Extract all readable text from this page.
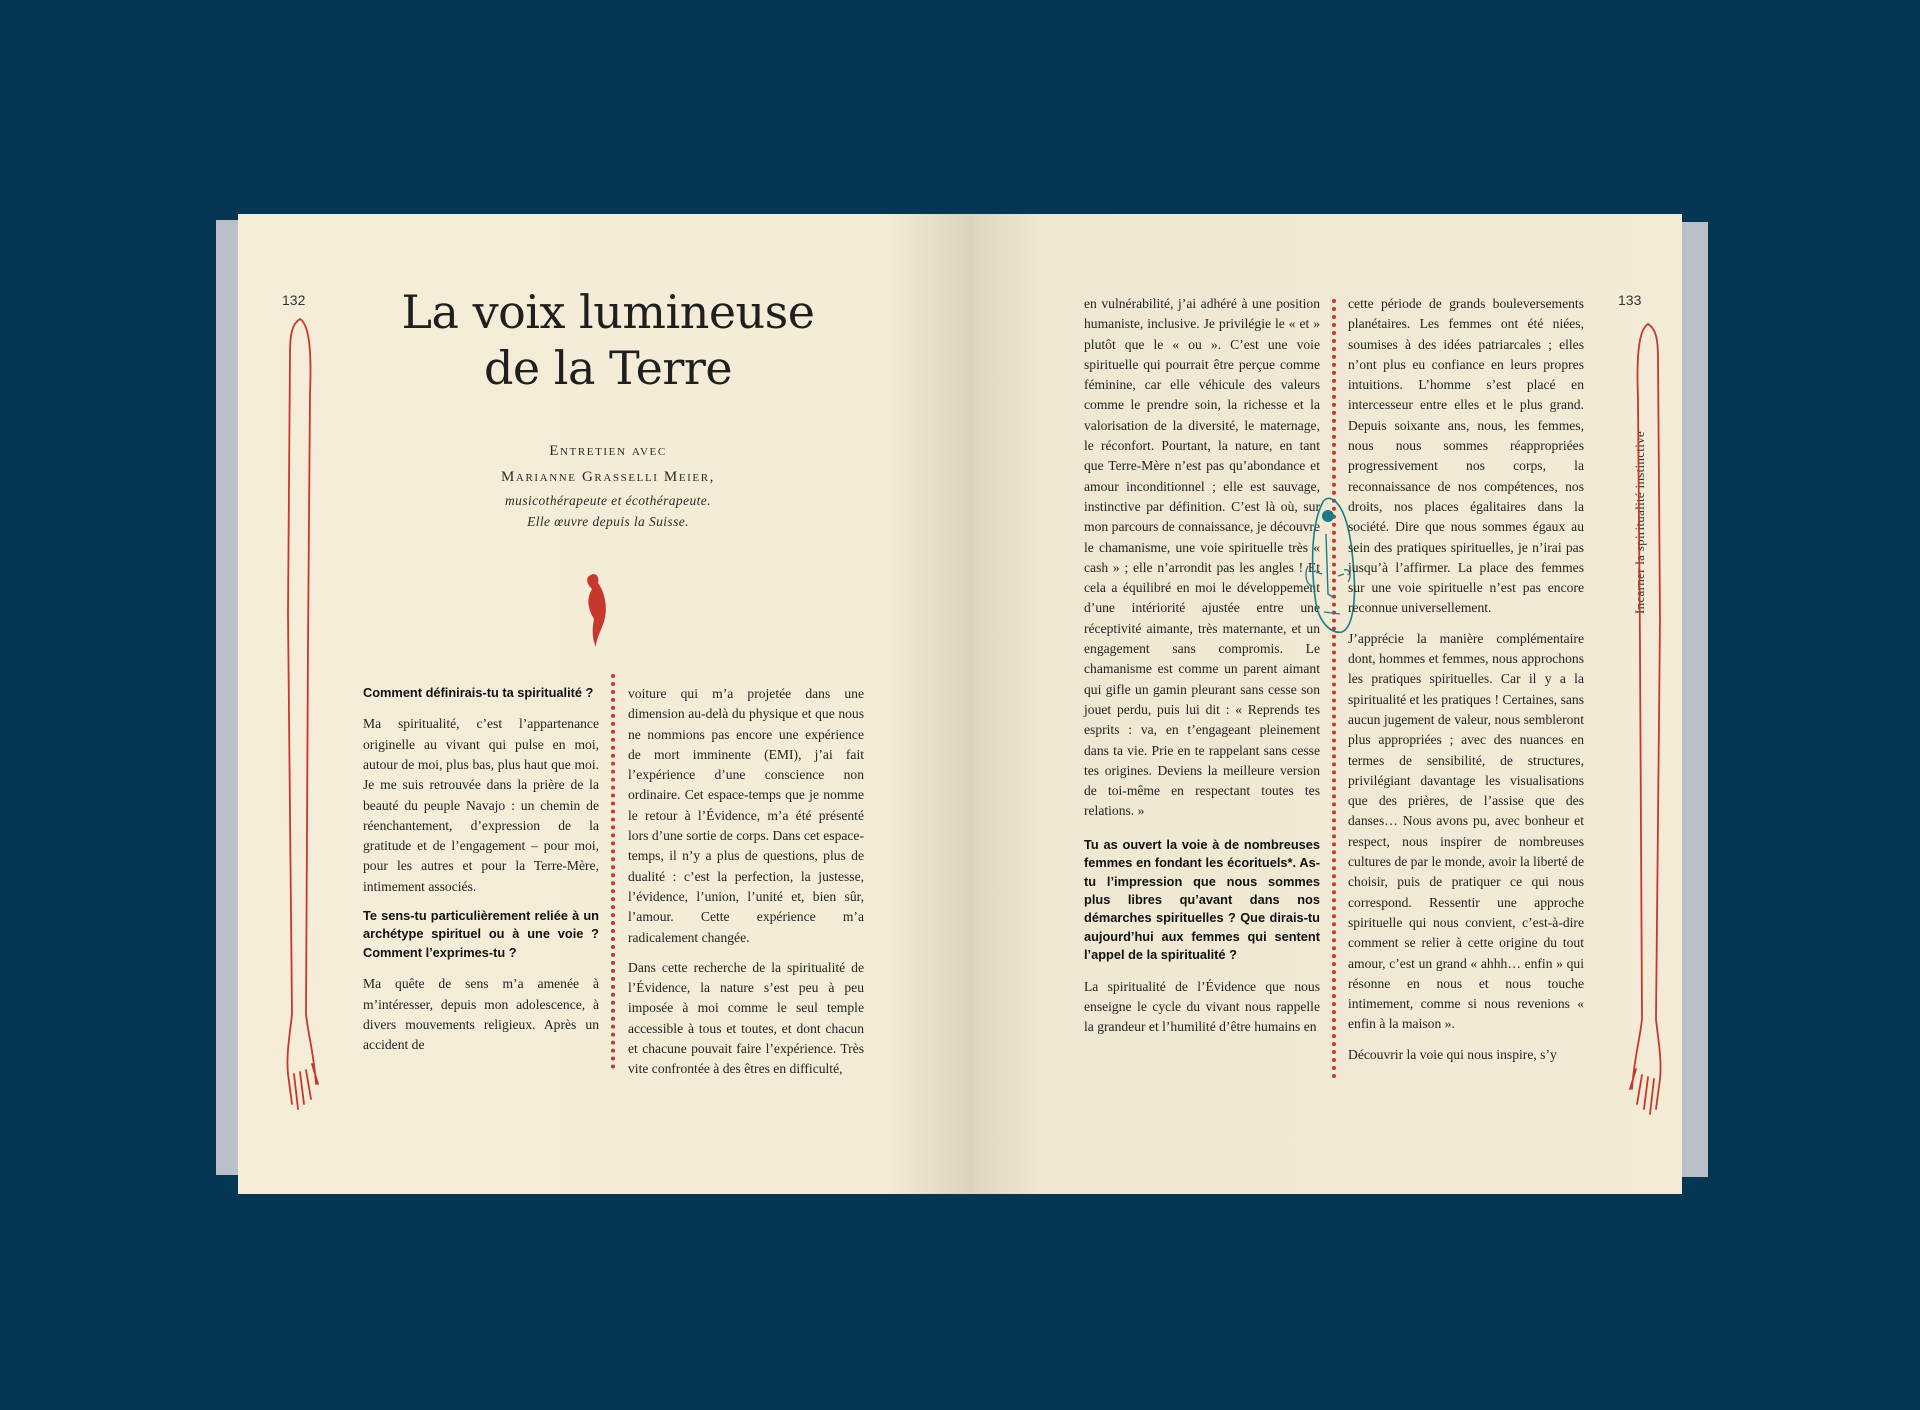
132	La voix lumineuse
de la Terre
Entretien avec
Marianne Grasselli Meier,
musicothérapeute et écothérapeute.
Elle œuvre depuis la Suisse.
Comment définirais-tu ta spiritualité ?

Ma spiritualité, c’est l’appartenance originelle au vivant qui pulse en moi, autour de moi, plus bas, plus haut que moi. Je me suis retrouvée dans la prière de la beauté du peuple Navajo : un chemin de réenchantement, d’expression de la gratitude et de l’engagement – pour moi, pour les autres et pour la Terre-Mère, intimement associés.

Te sens-tu particulièrement reliée à un archétype spirituel ou à une voie ? Comment l’exprimes-tu ?

Ma quête de sens m’a amenée à m’intéresser, depuis mon adolescence, à divers mouvements religieux. Après un accident de

voiture qui m’a projetée dans une dimension au-delà du physique et que nous ne nommions pas encore une expérience de mort imminente (EMI), j’ai fait l’expérience d’une conscience non ordinaire. Cet espace-temps que je nomme le retour à l’Évidence, m’a été présenté lors d’une sortie de corps. Dans cet espace-temps, il n’y a plus de questions, plus de dualité : c’est la perfection, la justesse, l’évidence, l’union, l’unité et, bien sûr, l’amour. Cette expérience m’a radicalement changée.

Dans cette recherche de la spiritualité de l’Évidence, la nature s’est peu à peu imposée à moi comme le seul temple accessible à tous et toutes, et dont chacun et chacune pouvait faire l’expérience. Très vite confrontée à des êtres en difficulté,

133

en vulnérabilité, j’ai adhéré à une position humaniste, inclusive. Je privilégie le « et » plutôt que le « ou ». C’est une voie spirituelle qui pourrait être perçue comme féminine, car elle véhicule des valeurs comme le prendre soin, la richesse et la valorisation de la diversité, le maternage, le réconfort. Pourtant, la nature, en tant que Terre-Mère n’est pas qu’abondance et amour inconditionnel ; elle est sauvage, instinctive par définition. C’est là où, sur mon parcours de connaissance, je découvre le chamanisme, une voie spirituelle très « cash » ; elle n’arrondit pas les angles ! Et cela a équilibré en moi le développement d’une intériorité ajustée entre une réceptivité aimante, très maternante, et un engagement sans compromis. Le chamanisme est comme un parent aimant qui gifle un gamin pleurant sans cesse son jouet perdu, puis lui dit : « Reprends tes esprits : va, en t’engageant pleinement dans ta vie. Prie en te rappelant sans cesse tes origines. Deviens la meilleure version de toi-même en respectant toutes tes relations. »

Tu as ouvert la voie à de nombreuses femmes en fondant les écorituels*. As-tu l’impression que nous sommes plus libres qu’avant dans nos démarches spirituelles ? Que dirais-tu aujourd’hui aux femmes qui sentent l’appel de la spiritualité ?

La spiritualité de l’Évidence que nous enseigne le cycle du vivant nous rappelle la grandeur et l’humilité d’être humains en

cette période de grands bouleversements planétaires. Les femmes ont été niées, soumises à des idées patriarcales ; elles n’ont plus eu confiance en leurs propres intuitions. L’homme s’est placé en intercesseur entre elles et le plus grand. Depuis soixante ans, nous, les femmes, nous nous sommes réappropriées progressivement nos corps, la reconnaissance de nos compétences, nos droits, nos places égalitaires dans la société. Dire que nous sommes égaux au sein des pratiques spirituelles, je n’irai pas jusqu’à l’affirmer. La place des femmes sur une voie spirituelle n’est pas encore reconnue universellement.

J’apprécie la manière complémentaire dont, hommes et femmes, nous approchons les pratiques spirituelles. Car il y a la spiritualité et les pratiques ! Certaines, sans aucun jugement de valeur, nous sembleront plus appropriées ; avec des nuances en termes de sensibilité, de structures, privilégiant davantage les visualisations que des prières, de l’assise que des danses… Nous avons pu, avec bonheur et respect, nous inspirer de nombreuses cultures de par le monde, avoir la liberté de choisir, puis de pratiquer ce qui nous correspond. Ressentir une approche spirituelle qui nous convient, c’est-à-dire comment se relier à cette origine du tout amour, c’est un grand « ahhh… enfin » qui résonne en nous et nous touche intimement, comme si nous revenions « enfin à la maison ».

Découvrir la voie qui nous inspire, s’y

Incarner la spiritualité instinctive
